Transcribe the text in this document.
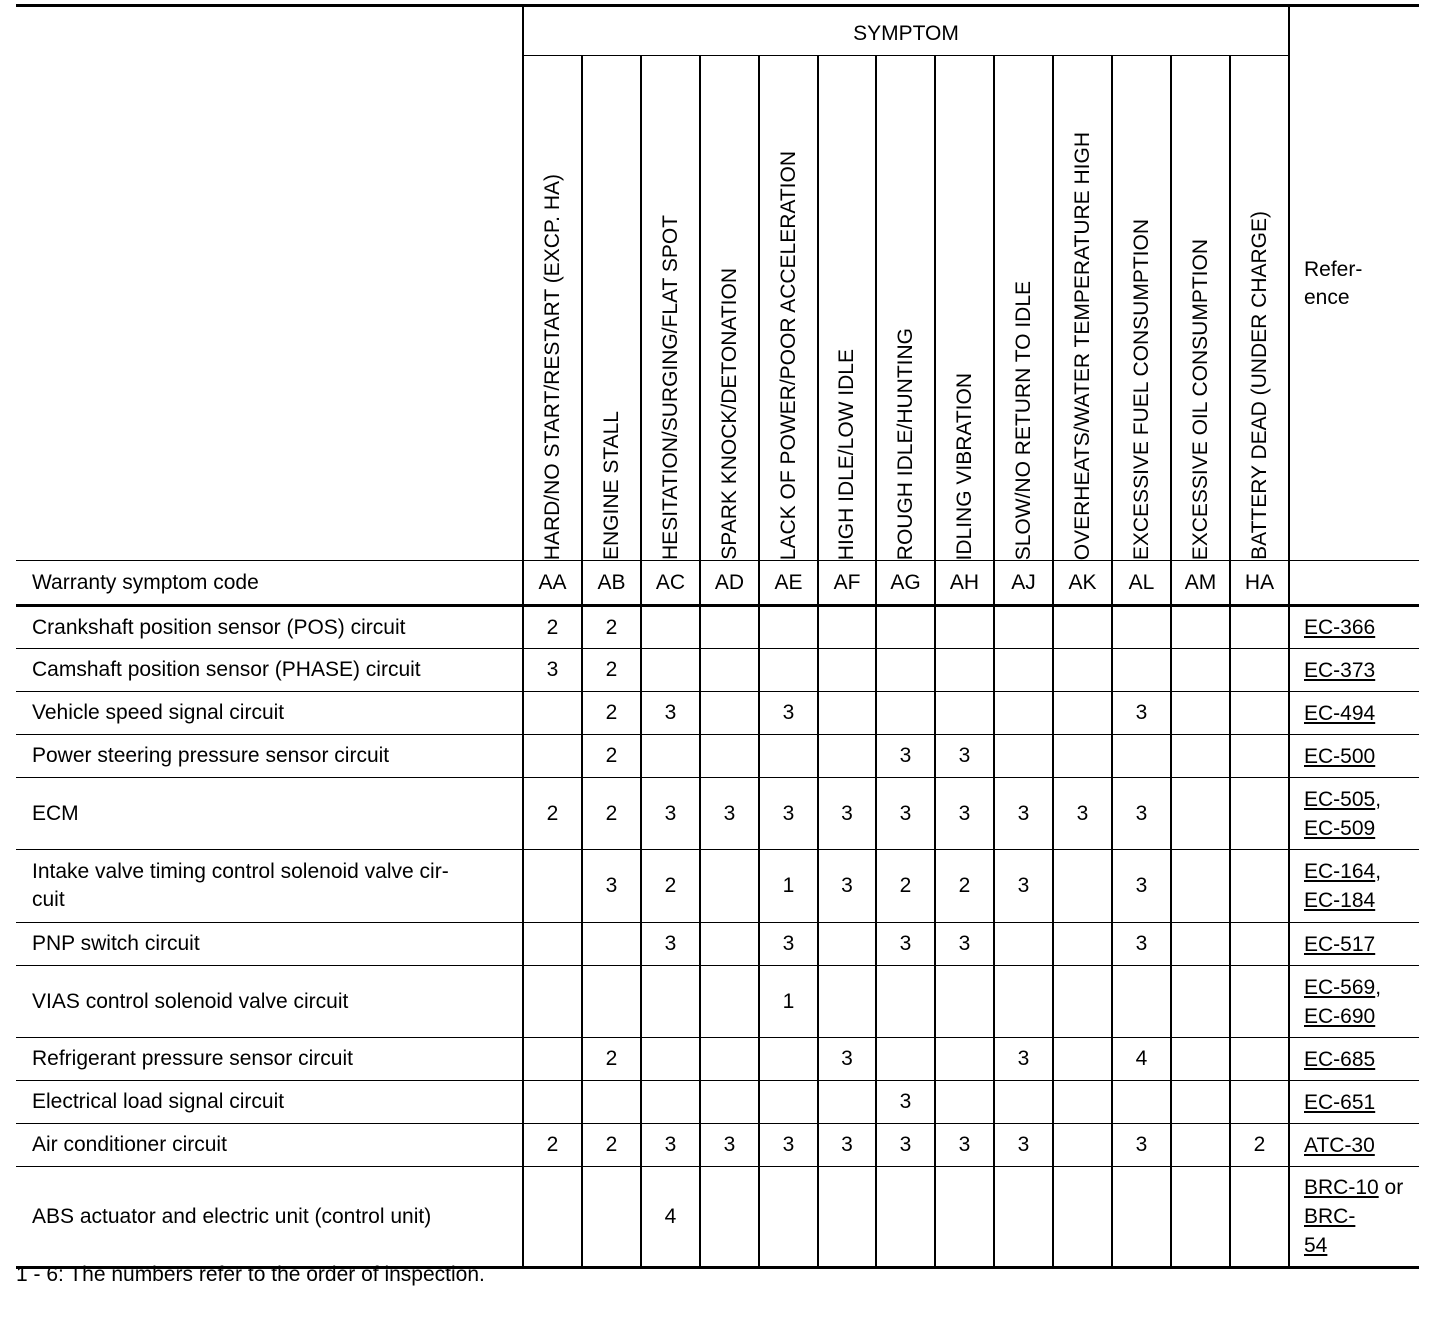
	SYMPTOM													Refer-
ence

	HARD/NO START/RESTART (EXCP. HA)	ENGINE STALL	HESITATION/SURGING/FLAT SPOT	SPARK KNOCK/DETONATION	LACK OF POWER/POOR ACCELERATION	HIGH IDLE/LOW IDLE	ROUGH IDLE/HUNTING	IDLING VIBRATION	SLOW/NO RETURN TO IDLE	OVERHEATS/WATER TEMPERATURE HIGH	EXCESSIVE FUEL CONSUMPTION	EXCESSIVE OIL CONSUMPTION	BATTERY DEAD (UNDER CHARGE)	

Warranty symptom code	AA	AB	AC	AD	AE	AF	AG	AH	AJ	AK	AL	AM	HA	
Crankshaft position sensor (POS) circuit	2	2												EC-366
Camshaft position sensor (PHASE) circuit	3	2												EC-373
Vehicle speed signal circuit		2	3		3						3			EC-494
Power steering pressure sensor circuit		2					3	3						EC-500
ECM	2	2	3	3	3	3	3	3	3	3	3			EC-505,
EC-509
Intake valve timing control solenoid valve cir-
cuit		3	2		1	3	2	2	3		3			EC-164,
EC-184
PNP switch circuit			3		3		3	3			3			EC-517
VIAS control solenoid valve circuit					1									EC-569,
EC-690
Refrigerant pressure sensor circuit		2				3			3		4			EC-685
Electrical load signal circuit							3							EC-651
Air conditioner circuit	2	2	3	3	3	3	3	3	3		3		2	ATC-30
ABS actuator and electric unit (control unit)			4											BRC-10 or BRC-
54
1 - 6: The numbers refer to the order of inspection.
